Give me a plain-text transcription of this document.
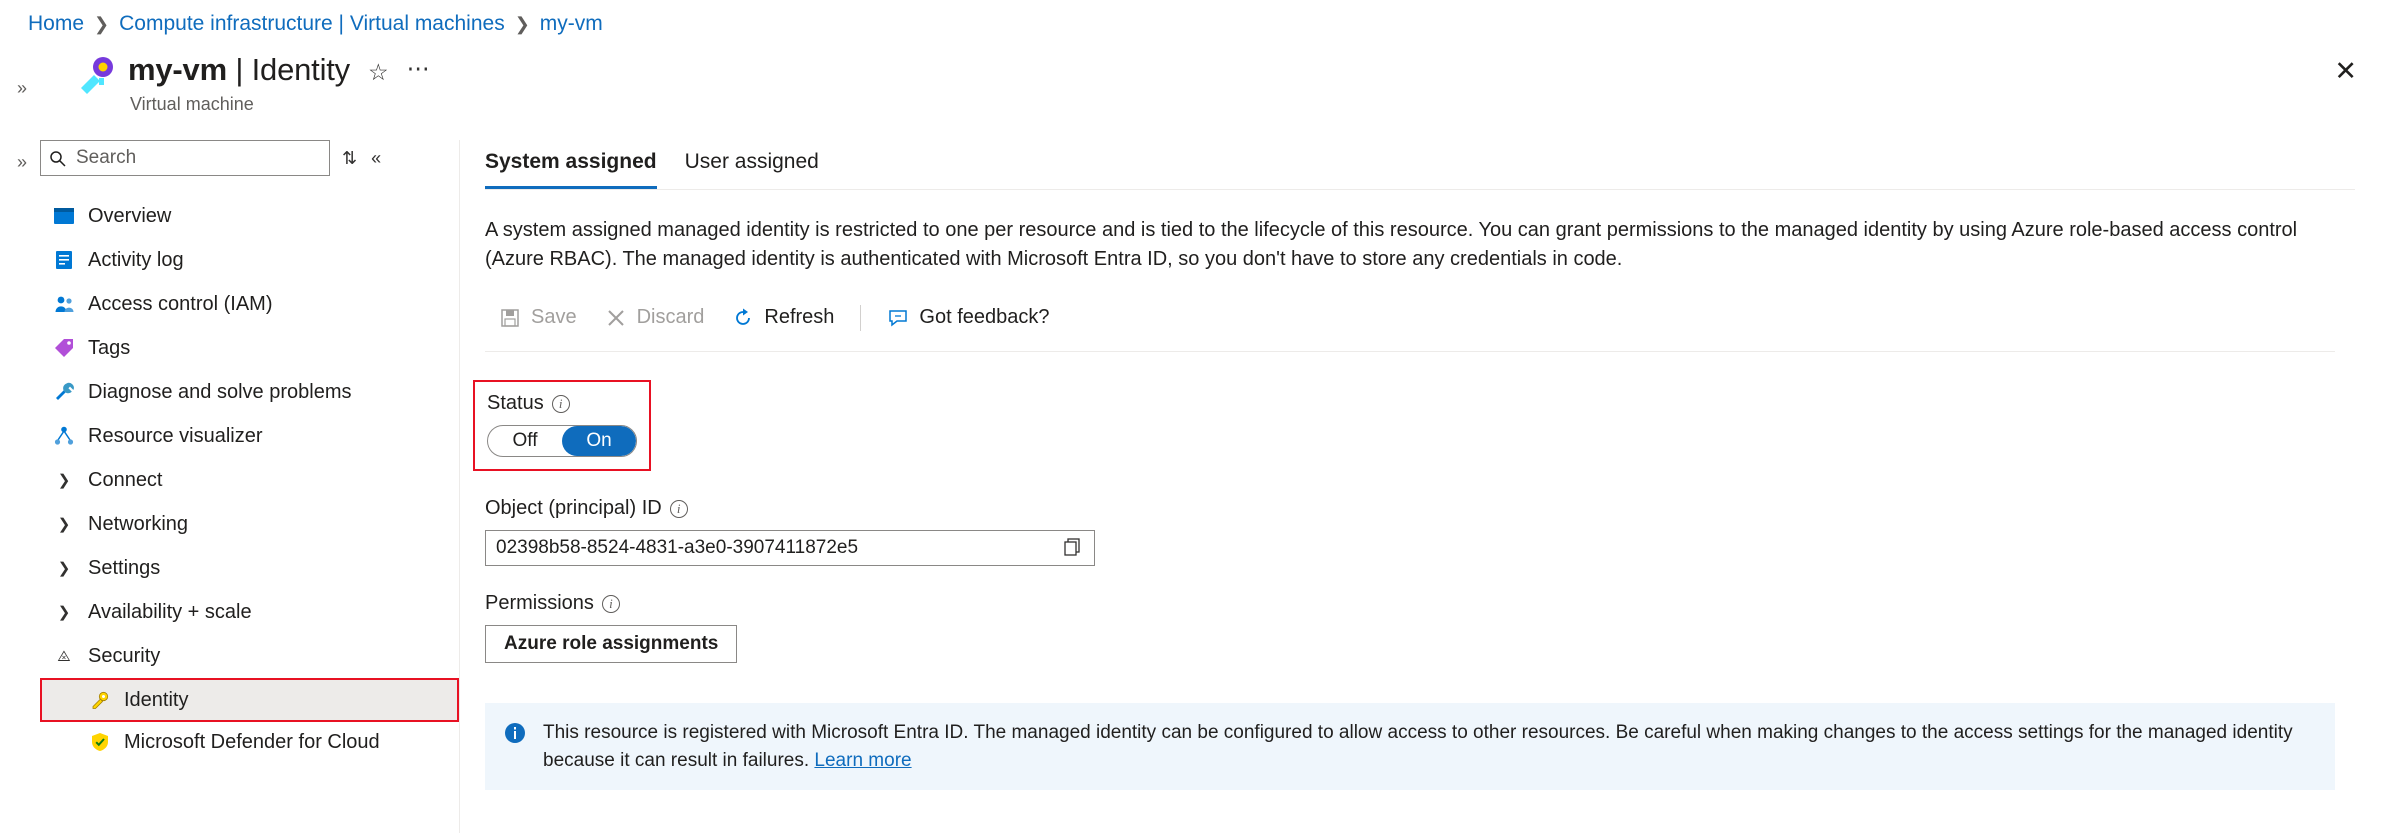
Home ❯ Compute infrastructure | Virtual machines ❯ my-vm
»
»
my-vm | Identity ☆ ⋯
Virtual machine
✕
Search
⇅ «
Overview
Activity log
Access control (IAM)
Tags
Diagnose and solve problems
Resource visualizer
❯ Connect
❯ Networking
❯ Settings
❯ Availability + scale
⨻ Security
Identity
Microsoft Defender for Cloud
System assigned User assigned
A system assigned managed identity is restricted to one per resource and is tied to the lifecycle of this resource. You can grant permissions to the managed identity by using Azure role-based access control (Azure RBAC). The managed identity is authenticated with Microsoft Entra ID, so you don't have to store any credentials in code.
Save	Discard	Refresh	Got feedback?
Status	i
Off	On
Object (principal) ID	i
02398b58-8524-4831-a3e0-3907411872e5
Permissions	i
Azure role assignments
This resource is registered with Microsoft Entra ID. The managed identity can be configured to allow access to other resources. Be careful when making changes to the access settings for the managed identity because it can result in failures. Learn more
